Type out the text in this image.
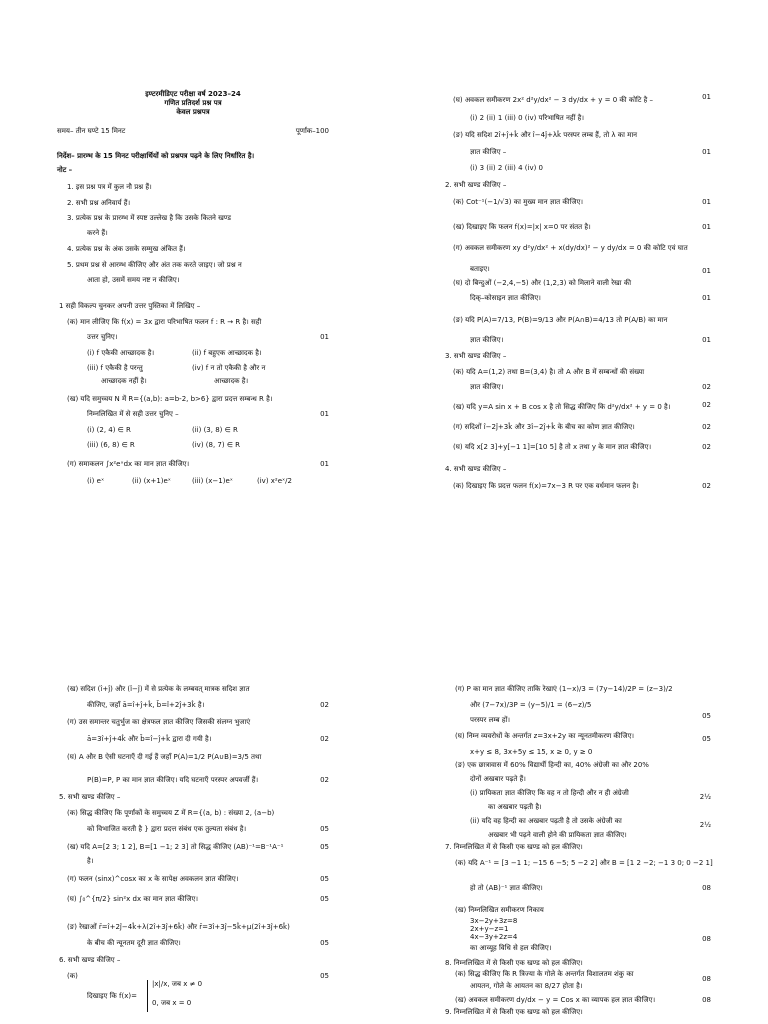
इण्टरमीडिएट परीक्षा वर्ष 2023–24
गणित प्रतिदर्श प्रश्न पत्र
केवल प्रश्नपत्र
समय– तीन घण्टे 15 मिनट	पूर्णांक–100
निर्देश– प्रारम्भ के 15 मिनट परीक्षार्थियों को प्रश्नपत्र पढ़ने के लिए निर्धारित है।
नोट –
1. इस प्रश्न पत्र में कुल नौ प्रश्न हैं।
2. सभी प्रश्न अनिवार्य हैं।
3. प्रत्येक प्रश्न के प्रारम्भ में स्पष्ट उल्लेख है कि उसके कितने खण्ड
करने हैं।
4. प्रत्येक प्रश्न के अंक उसके सम्मुख अंकित हैं।
5. प्रथम प्रश्न से आरम्भ कीजिए और अंत तक करते जाइए। जो प्रश्न न
आता हो, उसमें समय नष्ट न कीजिए।
1 सही विकल्प चुनकर अपनी उत्तर पुस्तिका में लिखिए –
(क) मान लीजिए कि f(x) = 3x द्वारा परिभाषित फलन f : R → R है। सही
उत्तर चुनिए।	01
(i) f एकैकी आच्छादक है।	(ii) f बहुएक आच्छादक है।
(iii) f एकैकी है परन्तु	(iv) f न तो एकैकी है और न
आच्छादक नहीं है।	आच्छादक है।
(ख) यदि समुच्चय N में R={(a,b): a=b-2, b>6} द्वारा प्रदत्त सम्बन्ध R है।
निम्नलिखित में से सही उत्तर चुनिए –	01
(i) (2, 4) ∈ R	(ii) (3, 8) ∈ R
(iii) (6, 8) ∈ R	(iv) (8, 7) ∈ R
(ग) समाकलन ∫x²eˣdx का मान ज्ञात कीजिए।	01
(i) eˣ	(ii) (x+1)eˣ	(iii) (x−1)eˣ	(iv) x²eˣ/2
(घ) अवकल समीकरण 2x² d²y/dx² − 3 dy/dx + y = 0 की कोटि है –	01
(i) 2 (ii) 1 (iii) 0 (iv) परिभाषित नहीं है।
(ङ) यदि सदिश 2î+ĵ+k̂ और î−4ĵ+λk̂ परस्पर लम्ब हैं, तो λ का मान
ज्ञात कीजिए –	01
(i) 3 (ii) 2 (iii) 4 (iv) 0
2. सभी खण्ड कीजिए –
(क) Cot⁻¹(−1/√3) का मुख्य मान ज्ञात कीजिए।	01
(ख) दिखाइए कि फलन f(x)=|x| x=0 पर संतत है।	01
(ग) अवकल समीकरण xy d²y/dx² + x(dy/dx)² − y dy/dx = 0 की कोटि एवं घात
बताइए।	01
(घ) दो बिन्दुओं (−2,4,−5) और (1,2,3) को मिलाने वाली रेखा की
दिक्–कोसाइन ज्ञात कीजिए।	01
(ङ) यदि P(A)=7/13, P(B)=9/13 और P(A∩B)=4/13 तो P(A/B) का मान
ज्ञात कीजिए।	01
3. सभी खण्ड कीजिए –
(क) यदि A=(1,2) तथा B=(3,4) है। तो A और B में सम्बन्धों की संख्या
ज्ञात कीजिए।	02
(ख) यदि y=A sin x + B cos x है तो सिद्ध कीजिए कि d²y/dx² + y = 0 है।	02
(ग) सदिशों î−2ĵ+3k̂ और 3î−2ĵ+k̂ के बीच का कोण ज्ञात कीजिए।	02
(घ) यदि x[2 3]+y[−1 1]=[10 5] है तो x तथा y के मान ज्ञात कीजिए।	02
4. सभी खण्ड कीजिए –
(क) दिखाइए कि प्रदत्त फलन f(x)=7x−3 R पर एक वर्धमान फलन है।	02
(ख) सदिश (î+ĵ) और (î−ĵ) में से प्रत्येक के लम्बवत् मात्रक सदिश ज्ञात
कीजिए, जहाँ ā=î+ĵ+k̂, b̄=î+2ĵ+3k̂ है।	02
(ग) उस समान्तर चतुर्भुज का क्षेत्रफल ज्ञात कीजिए जिसकी संलग्न भुजाएं
ā=3î+ĵ+4k̂ और b̄=î−ĵ+k̂ द्वारा दी गयी है।	02
(घ) A और B ऐसी घटनाएँ दी गई हैं जहाँ P(A)=1/2 P(A∪B)=3/5 तथा
P(B)=P, P का मान ज्ञात कीजिए। यदि घटनाएँ परस्पर अपवर्जी हैं।	02
5. सभी खण्ड कीजिए –
(क) सिद्ध कीजिए कि पूर्णांकों के समुच्चय Z में R={(a, b) : संख्या 2, (a−b)
को विभाजित करती है } द्वारा प्रदत्त संबंध एक तुल्यता संबंध है।	05
(ख) यदि A=[2 3; 1 2], B=[1 −1; 2 3] तो सिद्ध कीजिए (AB)⁻¹=B⁻¹A⁻¹
है।
05
(ग) फलन (sinx)^cosx का x के सापेक्ष अवकलन ज्ञात कीजिए।	05
(घ) ∫₀^{π/2} sin²x dx का मान ज्ञात कीजिए।	05
(ङ) रेखाओं r̄=î+2ĵ−4k̂+λ(2î+3ĵ+6k̂) और r̄=3î+3ĵ−5k̂+μ(2î+3ĵ+6k̂)
के बीच की न्यूनतम दूरी ज्ञात कीजिए।	05
6. सभी खण्ड कीजिए –
(क)	05
दिखाइए कि f(x)=
|x|/x, जब x ≠ 0
0, जब x = 0
(ग) P का मान ज्ञात कीजिए ताकि रेखाएं (1−x)/3 = (7y−14)/2P = (z−3)/2
और (7−7x)/3P = (y−5)/1 = (6−z)/5
परस्पर लम्ब हों।	05
(घ) निम्न व्यवरोधों के अन्तर्गत z=3x+2y का न्यूनतमीकरण कीजिए।
x+y ≤ 8, 3x+5y ≤ 15, x ≥ 0, y ≥ 0
05
(ङ) एक छात्रावास में 60% विद्यार्थी हिन्दी का, 40% अंग्रेजी का और 20%
दोनों अखबार पढ़ते हैं।
(i) प्रायिकता ज्ञात कीजिए कि वह न तो हिन्दी और न ही अंग्रेजी
का अखबार पढ़ती है।
2½
(ii) यदि वह हिन्दी का अखबार पढ़ती है तो उसके अंग्रेजी का
अखबार भी पढ़ने वाली होने की प्रायिकता ज्ञात कीजिए।
2½
7. निम्नलिखित में से किसी एक खण्ड को हल कीजिए।
(क) यदि A⁻¹ = [3 −1 1; −15 6 −5; 5 −2 2] और B = [1 2 −2; −1 3 0; 0 −2 1]
हो तो (AB)⁻¹ ज्ञात कीजिए।	08
(ख) निम्नलिखित समीकरण निकाय
3x−2y+3z=8
2x+y−z=1
4x−3y+2z=4
का आव्यूह विधि से हल कीजिए।
08
8. निम्नलिखित में से किसी एक खण्ड को हल कीजिए।
(क) सिद्ध कीजिए कि R त्रिज्या के गोले के अन्तर्गत विशालतम शंकु का
आयतन, गोले के आयतन का 8/27 होता है।
08
(ख) अवकल समीकरण dy/dx − y = Cos x का व्यापक हल ज्ञात कीजिए।	08
9. निम्नलिखित में से किसी एक खण्ड को हल कीजिए।
